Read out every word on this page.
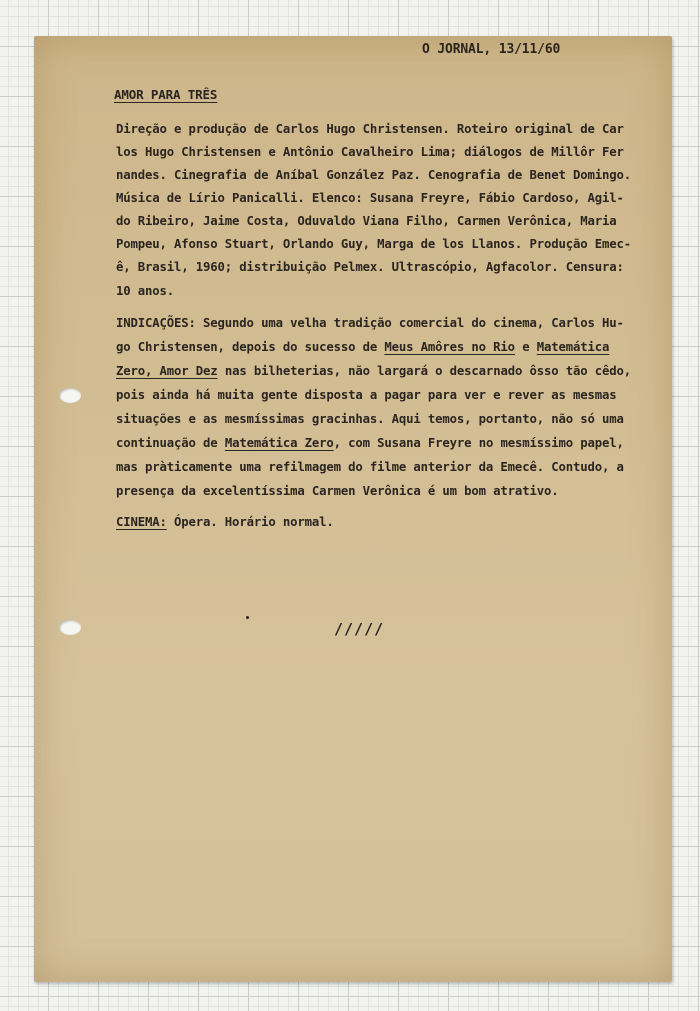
O JORNAL, 13/11/60
AMOR PARA TRÊS
Direção e produção de Carlos Hugo Christensen. Roteiro original de Car
los Hugo Christensen e Antônio Cavalheiro Lima; diálogos de Millôr Fer
nandes. Cinegrafia de Aníbal González Paz. Cenografia de Benet Domingo.
Música de Lírio Panicalli. Elenco: Susana Freyre, Fábio Cardoso, Agil-
do Ribeiro, Jaime Costa, Oduvaldo Viana Filho, Carmen Verônica, Maria
Pompeu, Afonso Stuart, Orlando Guy, Marga de los Llanos. Produção Emec-
ê, Brasil, 1960; distribuição Pelmex. Ultrascópio, Agfacolor. Censura:
10 anos.
INDICAÇÕES: Segundo uma velha tradição comercial do cinema, Carlos Hu-
go Christensen, depois do sucesso de Meus Amôres no Rio e Matemática
Zero, Amor Dez nas bilheterias, não largará o descarnado ôsso tão cêdo,
pois ainda há muita gente disposta a pagar para ver e rever as mesmas
situações e as mesmíssimas gracinhas. Aqui temos, portanto, não só uma
continuação de Matemática Zero, com Susana Freyre no mesmíssimo papel,
mas pràticamente uma refilmagem do filme anterior da Emecê. Contudo, a
presença da excelentíssima Carmen Verônica é um bom atrativo.
CINEMA: Ópera. Horário normal.
/////
